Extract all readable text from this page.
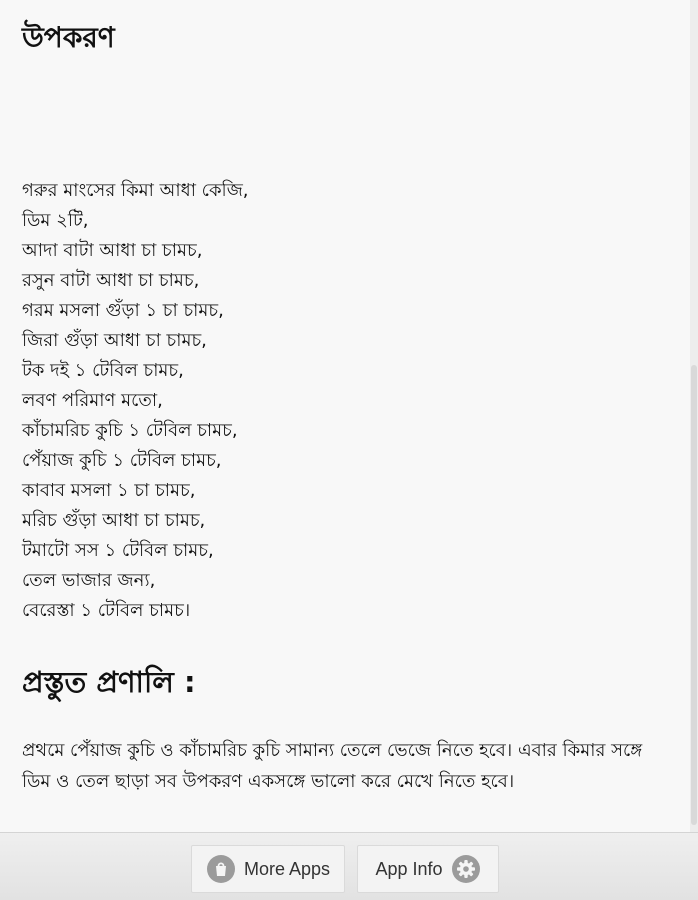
উপকরণ
গরুর মাংসের কিমা আধা কেজি,
ডিম ২টি,
আদা বাটা আধা চা চামচ,
রসুন বাটা আধা চা চামচ,
গরম মসলা গুঁড়া ১ চা চামচ,
জিরা গুঁড়া আধা চা চামচ,
টক দই ১ টেবিল চামচ,
লবণ পরিমাণ মতো,
কাঁচামরিচ কুচি ১ টেবিল চামচ,
পেঁয়াজ কুচি ১ টেবিল চামচ,
কাবাব মসলা ১ চা চামচ,
মরিচ গুঁড়া আধা চা চামচ,
টমাটো সস ১ টেবিল চামচ,
তেল ভাজার জন্য,
বেরেস্তা ১ টেবিল চামচ।
প্রস্তুত প্রণালি :

প্রথমে পেঁয়াজ কুচি ও কাঁচামরিচ কুচি সামান্য তেলে ভেজে নিতে হবে। এবার কিমার সঙ্গে ডিম ও তেল ছাড়া সব উপকরণ একসঙ্গে ভালো করে মেখে নিতে হবে।

More Apps	App Info
